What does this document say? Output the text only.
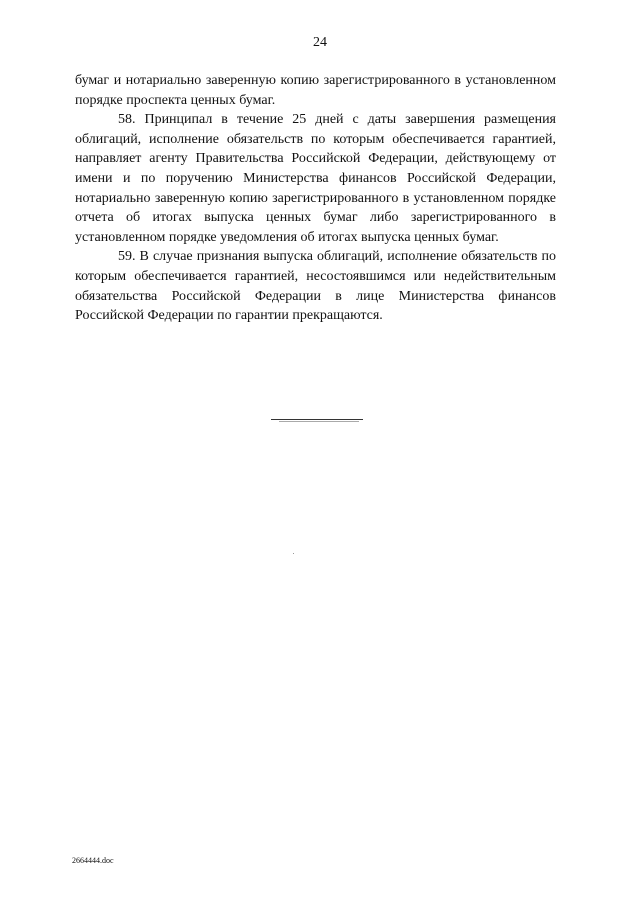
24

бумаг и нотариально заверенную копию зарегистрированного в установленном порядке проспекта ценных бумаг.

58. Принципал в течение 25 дней с даты завершения размещения облигаций, исполнение обязательств по которым обеспечивается гарантией, направляет агенту Правительства Российской Федерации, действующему от имени и по поручению Министерства финансов Российской Федерации, нотариально заверенную копию зарегистрированного в установленном порядке отчета об итогах выпуска ценных бумаг либо зарегистрированного в установленном порядке уведомления об итогах выпуска ценных бумаг.

59. В случае признания выпуска облигаций, исполнение обязательств по которым обеспечивается гарантией, несостоявшимся или недействительным обязательства Российской Федерации в лице Министерства финансов Российской Федерации по гарантии прекращаются.

2664444.doc
